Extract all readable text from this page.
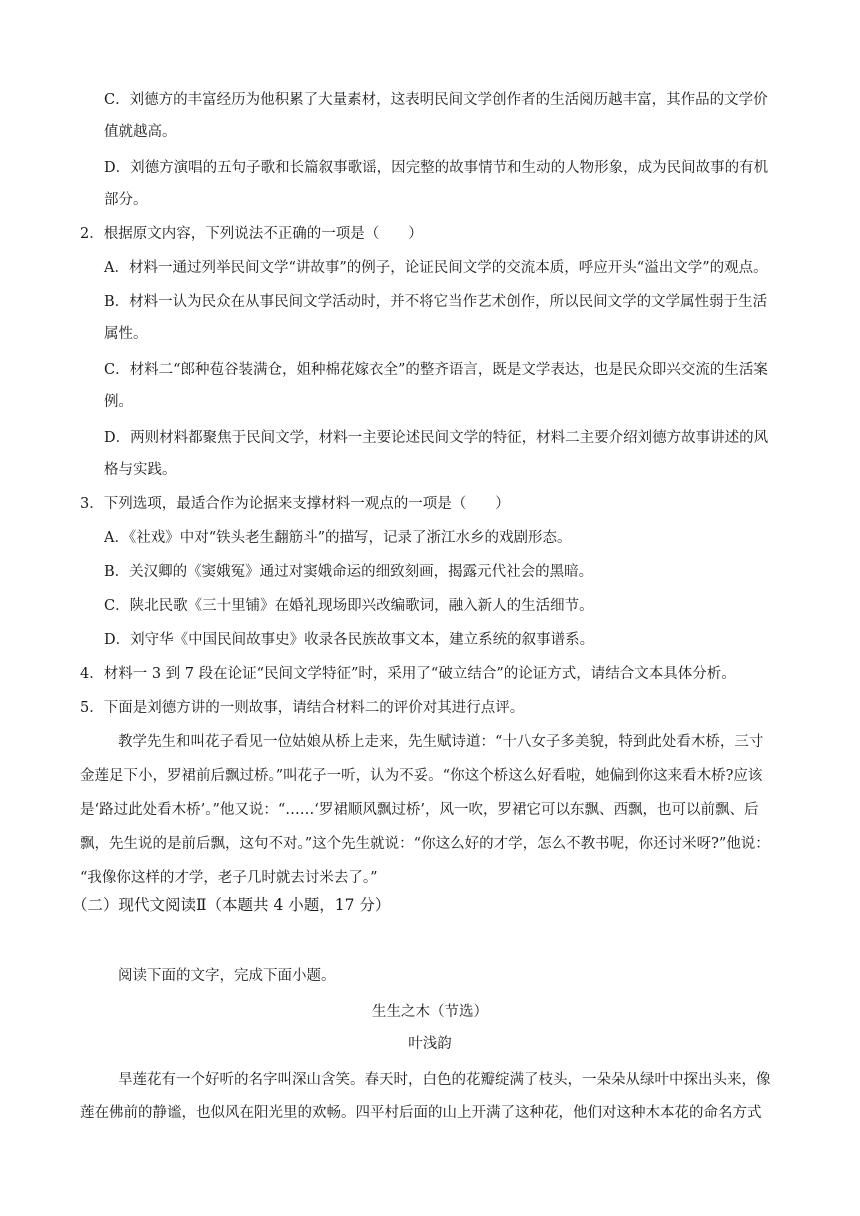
C．刘德方的丰富经历为他积累了大量素材，这表明民间文学创作者的生活阅历越丰富，其作品的文学价
值就越高。
D．刘德方演唱的五句子歌和长篇叙事歌谣，因完整的故事情节和生动的人物形象，成为民间故事的有机
部分。
2．根据原文内容，下列说法不正确的一项是（　　）
A．材料一通过列举民间文学“讲故事”的例子，论证民间文学的交流本质，呼应开头“溢出文学”的观点。
B．材料一认为民众在从事民间文学活动时，并不将它当作艺术创作，所以民间文学的文学属性弱于生活
属性。
C．材料二“郎种苞谷装满仓，姐种棉花嫁衣全”的整齐语言，既是文学表达，也是民众即兴交流的生活案
例。
D．两则材料都聚焦于民间文学，材料一主要论述民间文学的特征，材料二主要介绍刘德方故事讲述的风
格与实践。
3．下列选项，最适合作为论据来支撑材料一观点的一项是（　　）
A．《社戏》中对“铁头老生翻筋斗”的描写，记录了浙江水乡的戏剧形态。
B．关汉卿的《窦娥冤》通过对窦娥命运的细致刻画，揭露元代社会的黑暗。
C．陕北民歌《三十里铺》在婚礼现场即兴改编歌词，融入新人的生活细节。
D．刘守华《中国民间故事史》收录各民族故事文本，建立系统的叙事谱系。
4．材料一 3 到 7 段在论证“民间文学特征”时，采用了“破立结合”的论证方式，请结合文本具体分析。
5．下面是刘德方讲的一则故事，请结合材料二的评价对其进行点评。
教学先生和叫花子看见一位姑娘从桥上走来，先生赋诗道：“十八女子多美貌，特到此处看木桥，三寸
金莲足下小，罗裙前后飘过桥。”叫花子一听，认为不妥。“你这个桥这么好看啦，她偏到你这来看木桥?应该
是‘路过此处看木桥’。”他又说：“……‘罗裙顺风飘过桥’，风一吹，罗裙它可以东飘、西飘，也可以前飘、后
飘，先生说的是前后飘，这句不对。”这个先生就说：“你这么好的才学，怎么不教书呢，你还讨米呀?”他说：
“我像你这样的才学，老子几时就去讨米去了。”
（二）现代文阅读Ⅱ（本题共 4 小题，17 分）
阅读下面的文字，完成下面小题。
生生之木（节选）
叶浅韵
旱莲花有一个好听的名字叫深山含笑。春天时，白色的花瓣绽满了枝头，一朵朵从绿叶中探出头来，像
莲在佛前的静谧，也似风在阳光里的欢畅。四平村后面的山上开满了这种花，他们对这种木本花的命名方式
